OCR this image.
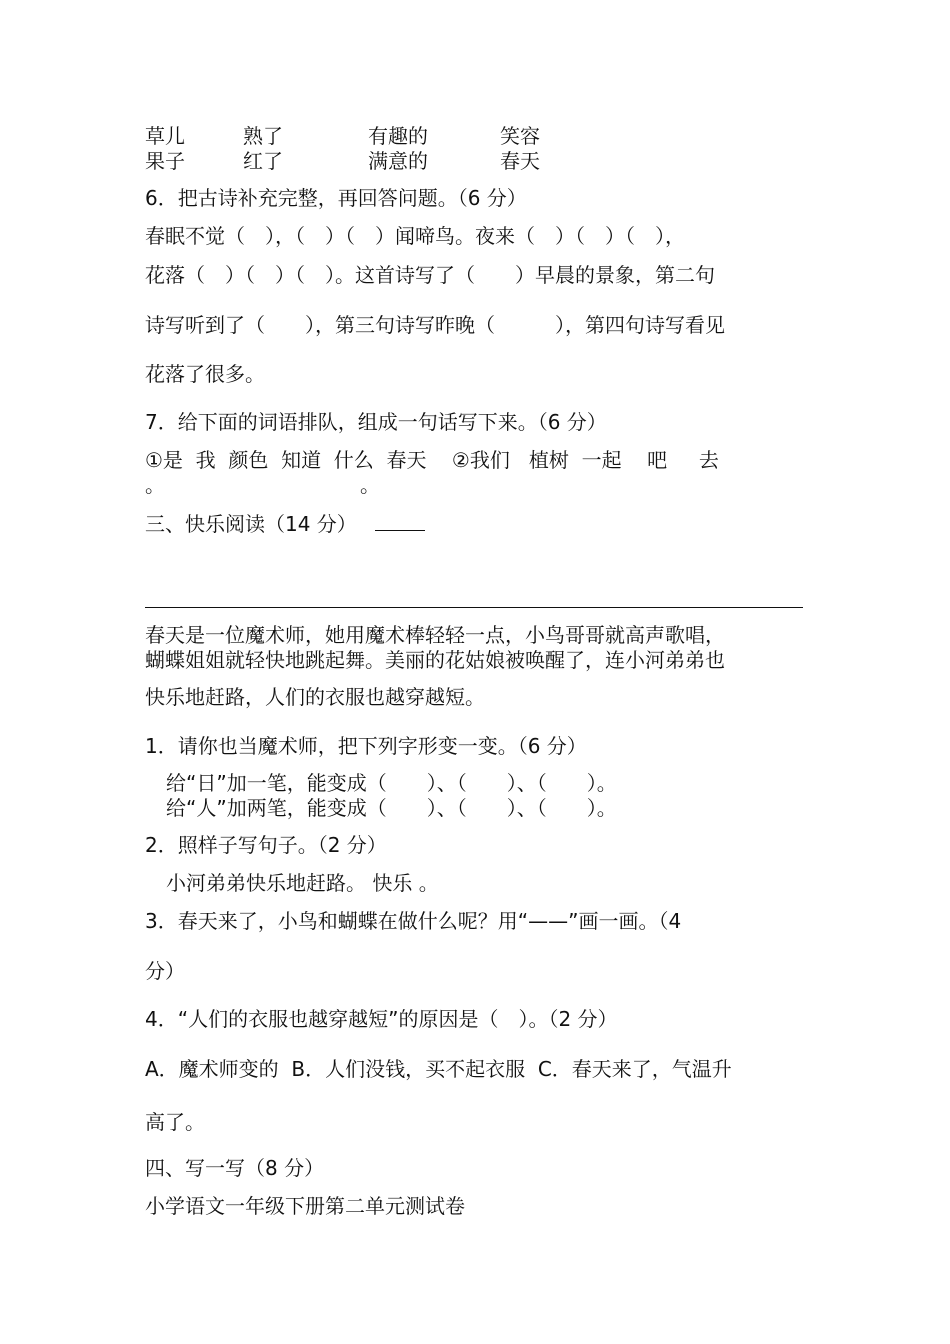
草儿	熟了	有趣的	笑容
果子	红了	满意的	春天
6．把古诗补充完整，再回答问题。（6 分）
春眠不觉（　），（　）（　）闻啼鸟。夜来（　）（　）（　），
花落（　）（　）（　）。这首诗写了（　　）早晨的景象，第二句
诗写听到了（　　），第三句诗写昨晚（　　　），第四句诗写看见
花落了很多。
7．给下面的词语排队，组成一句话写下来。（6 分）
①是  我  颜色  知道  什么  春天    ②我们   植树  一起    吧     去
。	。
三、快乐阅读（14 分）
春天是一位魔术师，她用魔术棒轻轻一点，小鸟哥哥就高声歌唱，
蝴蝶姐姐就轻快地跳起舞。美丽的花姑娘被唤醒了，连小河弟弟也
快乐地赶路，人们的衣服也越穿越短。
1．请你也当魔术师，把下列字形变一变。（6 分）
给“日”加一笔，能变成（　　）、（　　）、（　　）。
给“人”加两笔，能变成（　　）、（　　）、（　　）。
2．照样子写句子。（2 分）
小河弟弟快乐地赶路。 快乐 。
3．春天来了，小鸟和蝴蝶在做什么呢？用“——”画一画。（4
分）
4．“人们的衣服也越穿越短”的原因是（　）。（2 分）
A．魔术师变的  B．人们没钱，买不起衣服  C．春天来了，气温升
高了。
四、写一写（8 分）
小学语文一年级下册第二单元测试卷
